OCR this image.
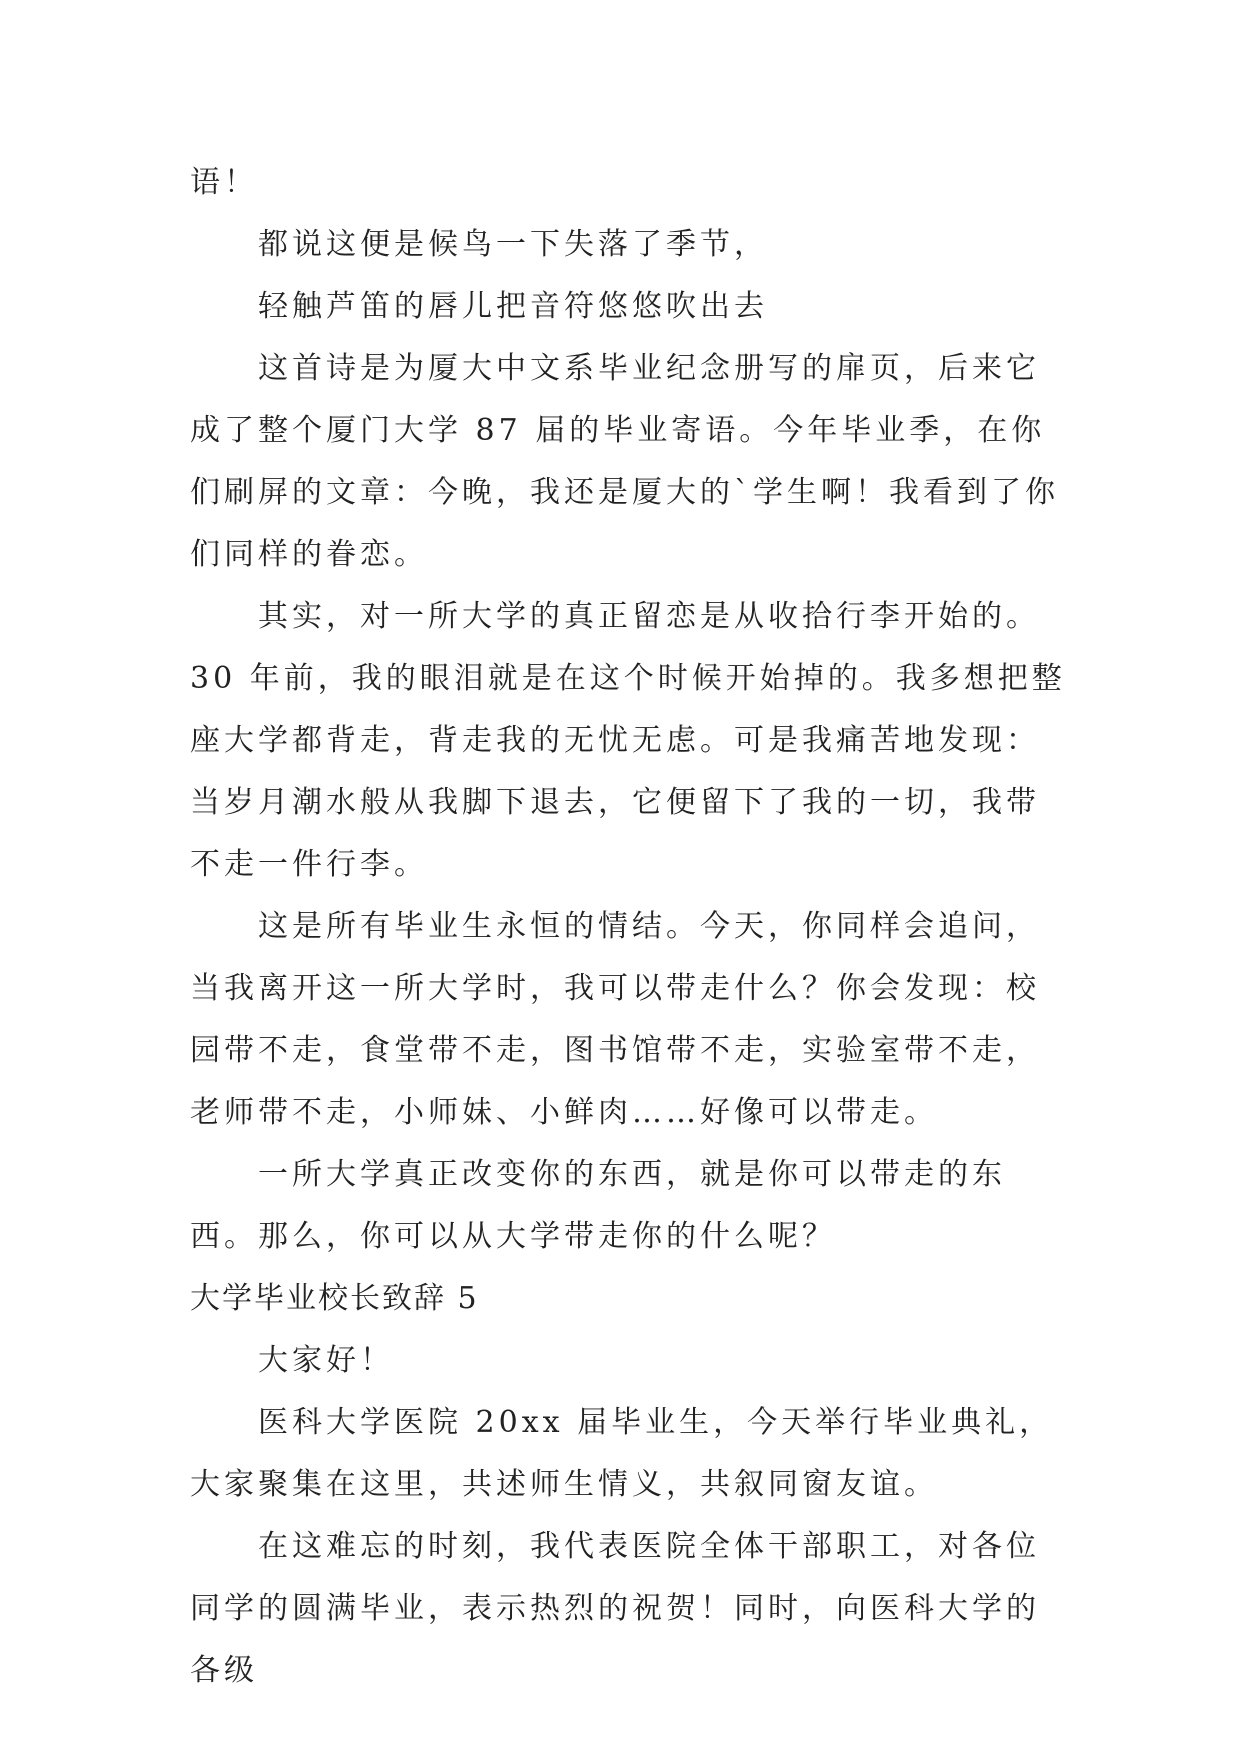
语！

都说这便是候鸟一下失落了季节，

轻触芦笛的唇儿把音符悠悠吹出去

这首诗是为厦大中文系毕业纪念册写的扉页，后来它成了整个厦门大学 87 届的毕业寄语。今年毕业季，在你们刷屏的文章：今晚，我还是厦大的`学生啊！我看到了你们同样的眷恋。

其实，对一所大学的真正留恋是从收拾行李开始的。30 年前，我的眼泪就是在这个时候开始掉的。我多想把整座大学都背走，背走我的无忧无虑。可是我痛苦地发现：当岁月潮水般从我脚下退去，它便留下了我的一切，我带不走一件行李。

这是所有毕业生永恒的情结。今天，你同样会追问，当我离开这一所大学时，我可以带走什么？你会发现：校园带不走，食堂带不走，图书馆带不走，实验室带不走，老师带不走，小师妹、小鲜肉……好像可以带走。

一所大学真正改变你的东西，就是你可以带走的东西。那么，你可以从大学带走你的什么呢？

大学毕业校长致辞 5

大家好！

医科大学医院 20xx 届毕业生，今天举行毕业典礼，大家聚集在这里，共述师生情义，共叙同窗友谊。

在这难忘的时刻，我代表医院全体干部职工，对各位同学的圆满毕业，表示热烈的祝贺！同时，向医科大学的各级
